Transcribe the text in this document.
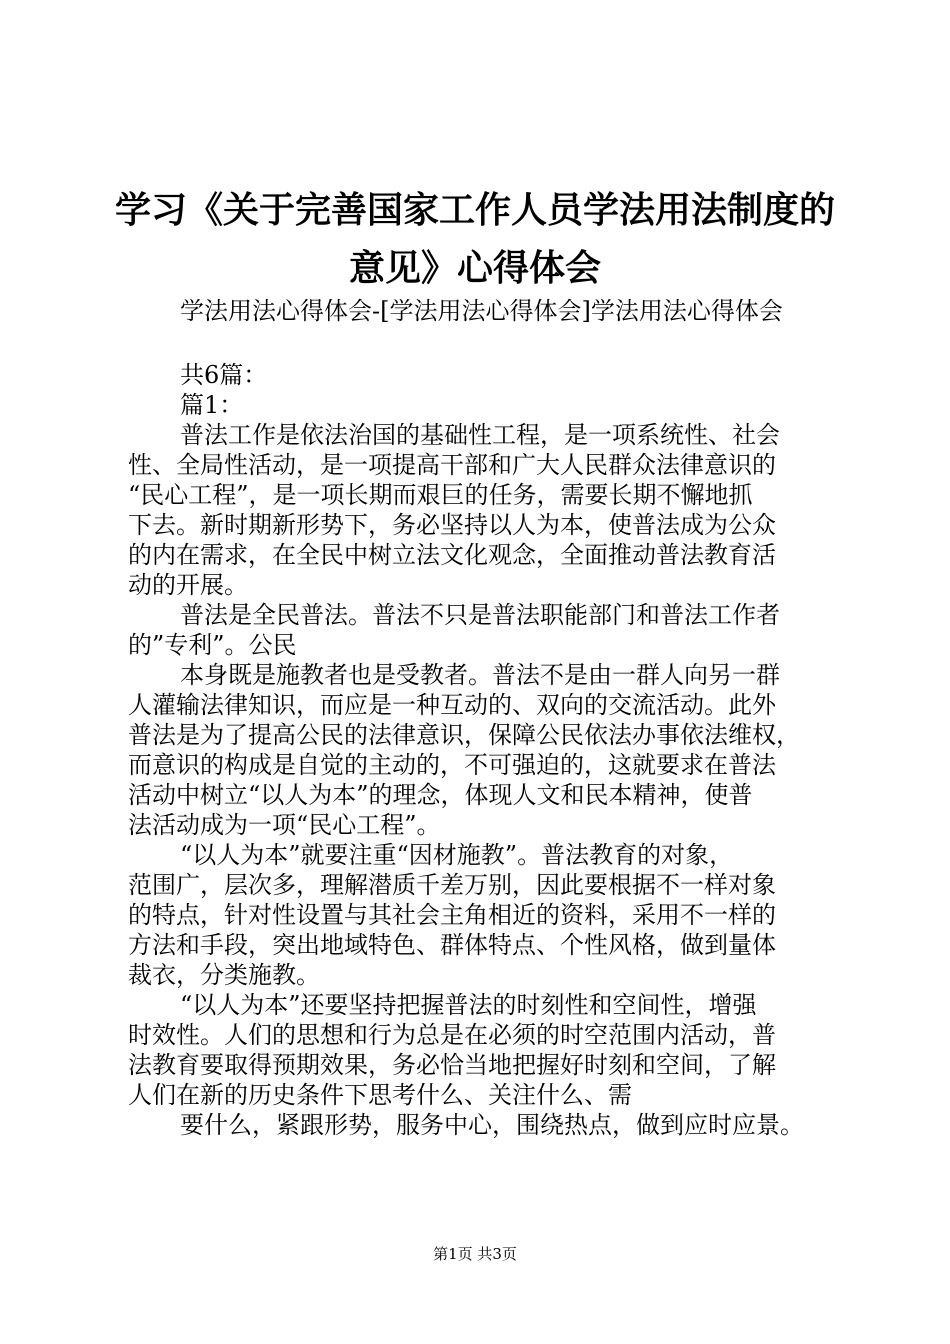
学习《关于完善国家工作人员学法用法制度的
意见》心得体会
学法用法心得体会-[学法用法心得体会]学法用法心得体会
共6篇：
篇1：
普法工作是依法治国的基础性工程，是一项系统性、社会
性、全局性活动，是一项提高干部和广大人民群众法律意识的
“民心工程”，是一项长期而艰巨的任务，需要长期不懈地抓
下去。新时期新形势下，务必坚持以人为本，使普法成为公众
的内在需求，在全民中树立法文化观念，全面推动普法教育活
动的开展。
普法是全民普法。普法不只是普法职能部门和普法工作者
的”专利”。公民
本身既是施教者也是受教者。普法不是由一群人向另一群
人灌输法律知识，而应是一种互动的、双向的交流活动。此外
普法是为了提高公民的法律意识，保障公民依法办事依法维权，
而意识的构成是自觉的主动的，不可强迫的，这就要求在普法
活动中树立“以人为本”的理念，体现人文和民本精神，使普
法活动成为一项“民心工程”。
“以人为本”就要注重“因材施教”。普法教育的对象，
范围广，层次多，理解潜质千差万别，因此要根据不一样对象
的特点，针对性设置与其社会主角相近的资料，采用不一样的
方法和手段，突出地域特色、群体特点、个性风格，做到量体
裁衣，分类施教。
“以人为本”还要坚持把握普法的时刻性和空间性，增强
时效性。人们的思想和行为总是在必须的时空范围内活动，普
法教育要取得预期效果，务必恰当地把握好时刻和空间，了解
人们在新的历史条件下思考什么、关注什么、需
要什么，紧跟形势，服务中心，围绕热点，做到应时应景。
第1页 共3页
